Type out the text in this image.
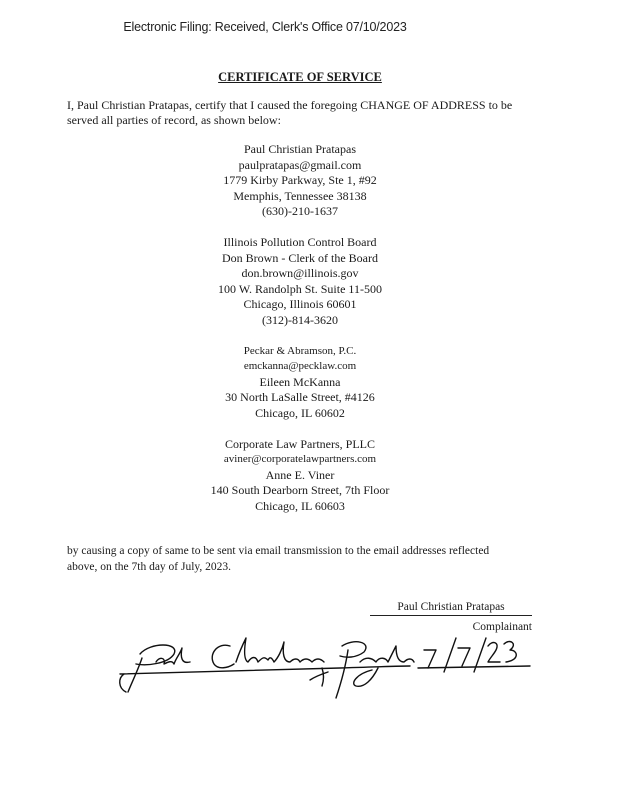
Electronic Filing: Received, Clerk's Office 07/10/2023
CERTIFICATE OF SERVICE
I, Paul Christian Pratapas, certify that I caused the foregoing CHANGE OF ADDRESS to be
served all parties of record, as shown below:
Paul Christian Pratapas
paulpratapas@gmail.com
1779 Kirby Parkway, Ste 1, #92
Memphis, Tennessee 38138
(630)-210-1637
Illinois Pollution Control Board
Don Brown - Clerk of the Board
don.brown@illinois.gov
100 W. Randolph St. Suite 11-500
Chicago, Illinois 60601
(312)-814-3620
Peckar & Abramson, P.C.
emckanna@pecklaw.com
Eileen McKanna
30 North LaSalle Street, #4126
Chicago, IL 60602
Corporate Law Partners, PLLC
aviner@corporatelawpartners.com
Anne E. Viner
140 South Dearborn Street, 7th Floor
Chicago, IL 60603
by causing a copy of same to be sent via email transmission to the email addresses reflected
above, on the 7th day of July, 2023.
Paul Christian Pratapas
Complainant
